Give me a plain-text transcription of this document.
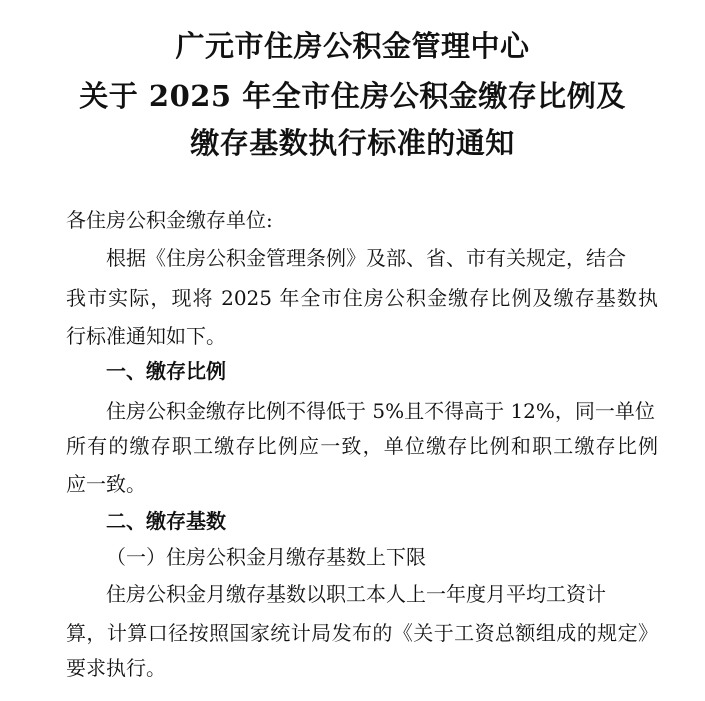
广元市住房公积金管理中心
关于 2025 年全市住房公积金缴存比例及
缴存基数执行标准的通知
各住房公积金缴存单位:
根据《住房公积金管理条例》及部、省、市有关规定，结合
我市实际，现将 2025 年全市住房公积金缴存比例及缴存基数执
行标准通知如下。
一、缴存比例
住房公积金缴存比例不得低于 5%且不得高于 12%，同一单位
所有的缴存职工缴存比例应一致，单位缴存比例和职工缴存比例
应一致。
二、缴存基数
（一）住房公积金月缴存基数上下限
住房公积金月缴存基数以职工本人上一年度月平均工资计
算，计算口径按照国家统计局发布的《关于工资总额组成的规定》
要求执行。
